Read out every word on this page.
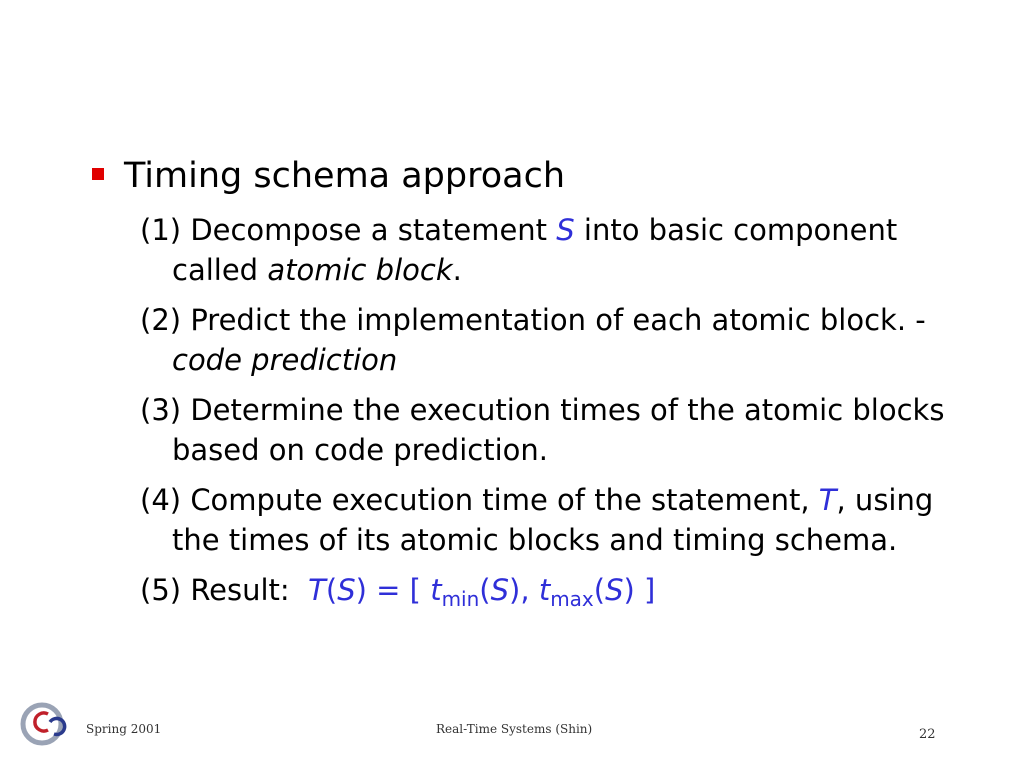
Timing schema approach
(1) Decompose a statement S into basic component called atomic block.
(2) Predict the implementation of each atomic block. - code prediction
(3) Determine the execution times of the atomic blocks based on code prediction.
(4) Compute execution time of the statement, T, using the times of its atomic blocks and timing schema.
(5) Result: T(S) = [ $t_{min}(S)$, $t_{max}(S)$ ]
Spring 2001	Real-Time Systems (Shin)	22
